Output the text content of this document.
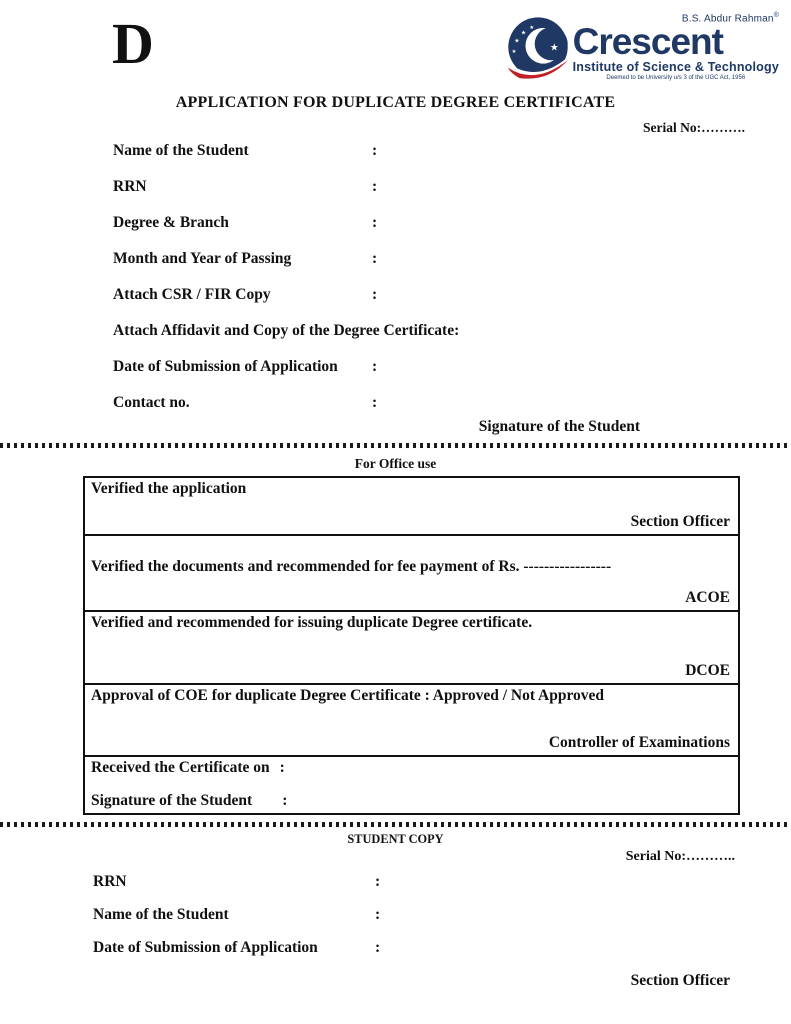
D	★
★
★
★
★
B.S. Abdur Rahman®
Crescent
Institute of Science & Technology
Deemed to be University u/s 3 of the UGC Act, 1956
APPLICATION FOR DUPLICATE DEGREE CERTIFICATE
Serial No:……….
Name of the Student	:
RRN	:
Degree & Branch	:
Month and Year of Passing	:
Attach CSR / FIR Copy	:
Attach Affidavit and Copy of the Degree Certificate:
Date of Submission of Application :
Contact no.	:
Signature of the Student
For Office use
Verified the application
Section Officer
Verified the documents and recommended for fee payment of Rs. -----------------
ACOE
Verified and recommended for issuing duplicate Degree certificate.
DCOE
Approval of COE for duplicate Degree Certificate : Approved / Not Approved
Controller of Examinations
Received the Certificate on :
Signature of the Student :
STUDENT COPY
Serial No:………..
RRN	:
Name of the Student	:
Date of Submission of Application	:
Section Officer
